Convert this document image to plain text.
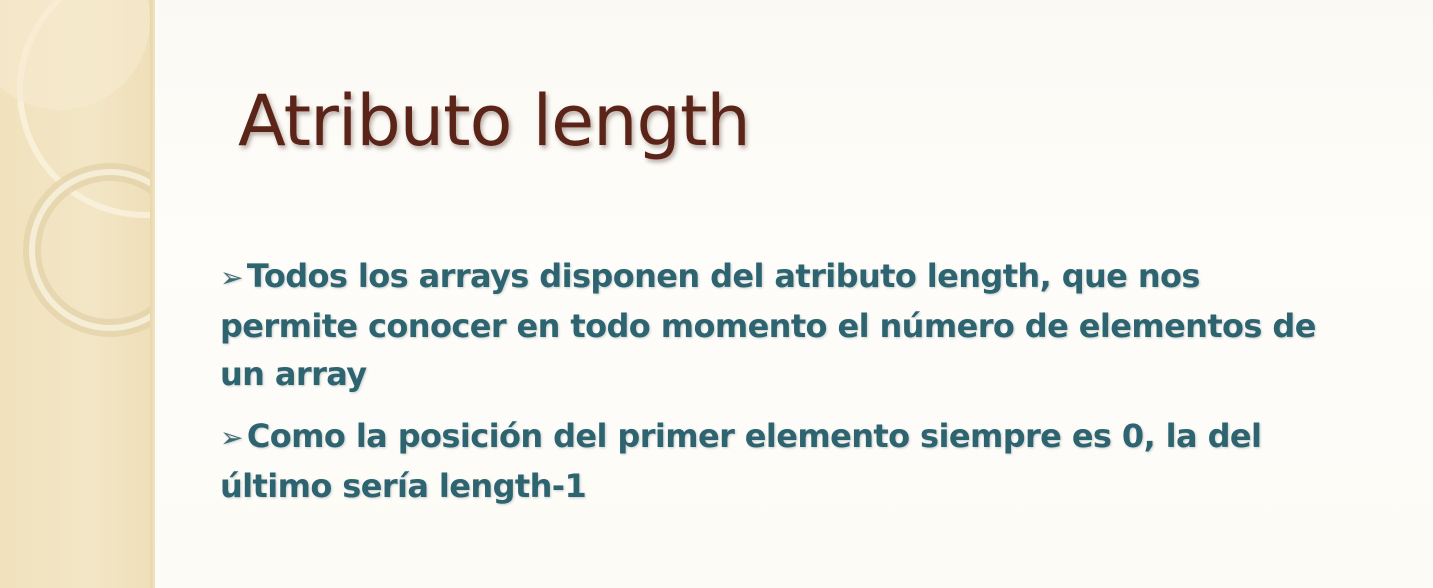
Atributo length
➢ Todos los arrays disponen del atributo length, que nos permite conocer en todo momento el número de elementos de un array
➢ Como la posición del primer elemento siempre es 0, la del último sería length-1
